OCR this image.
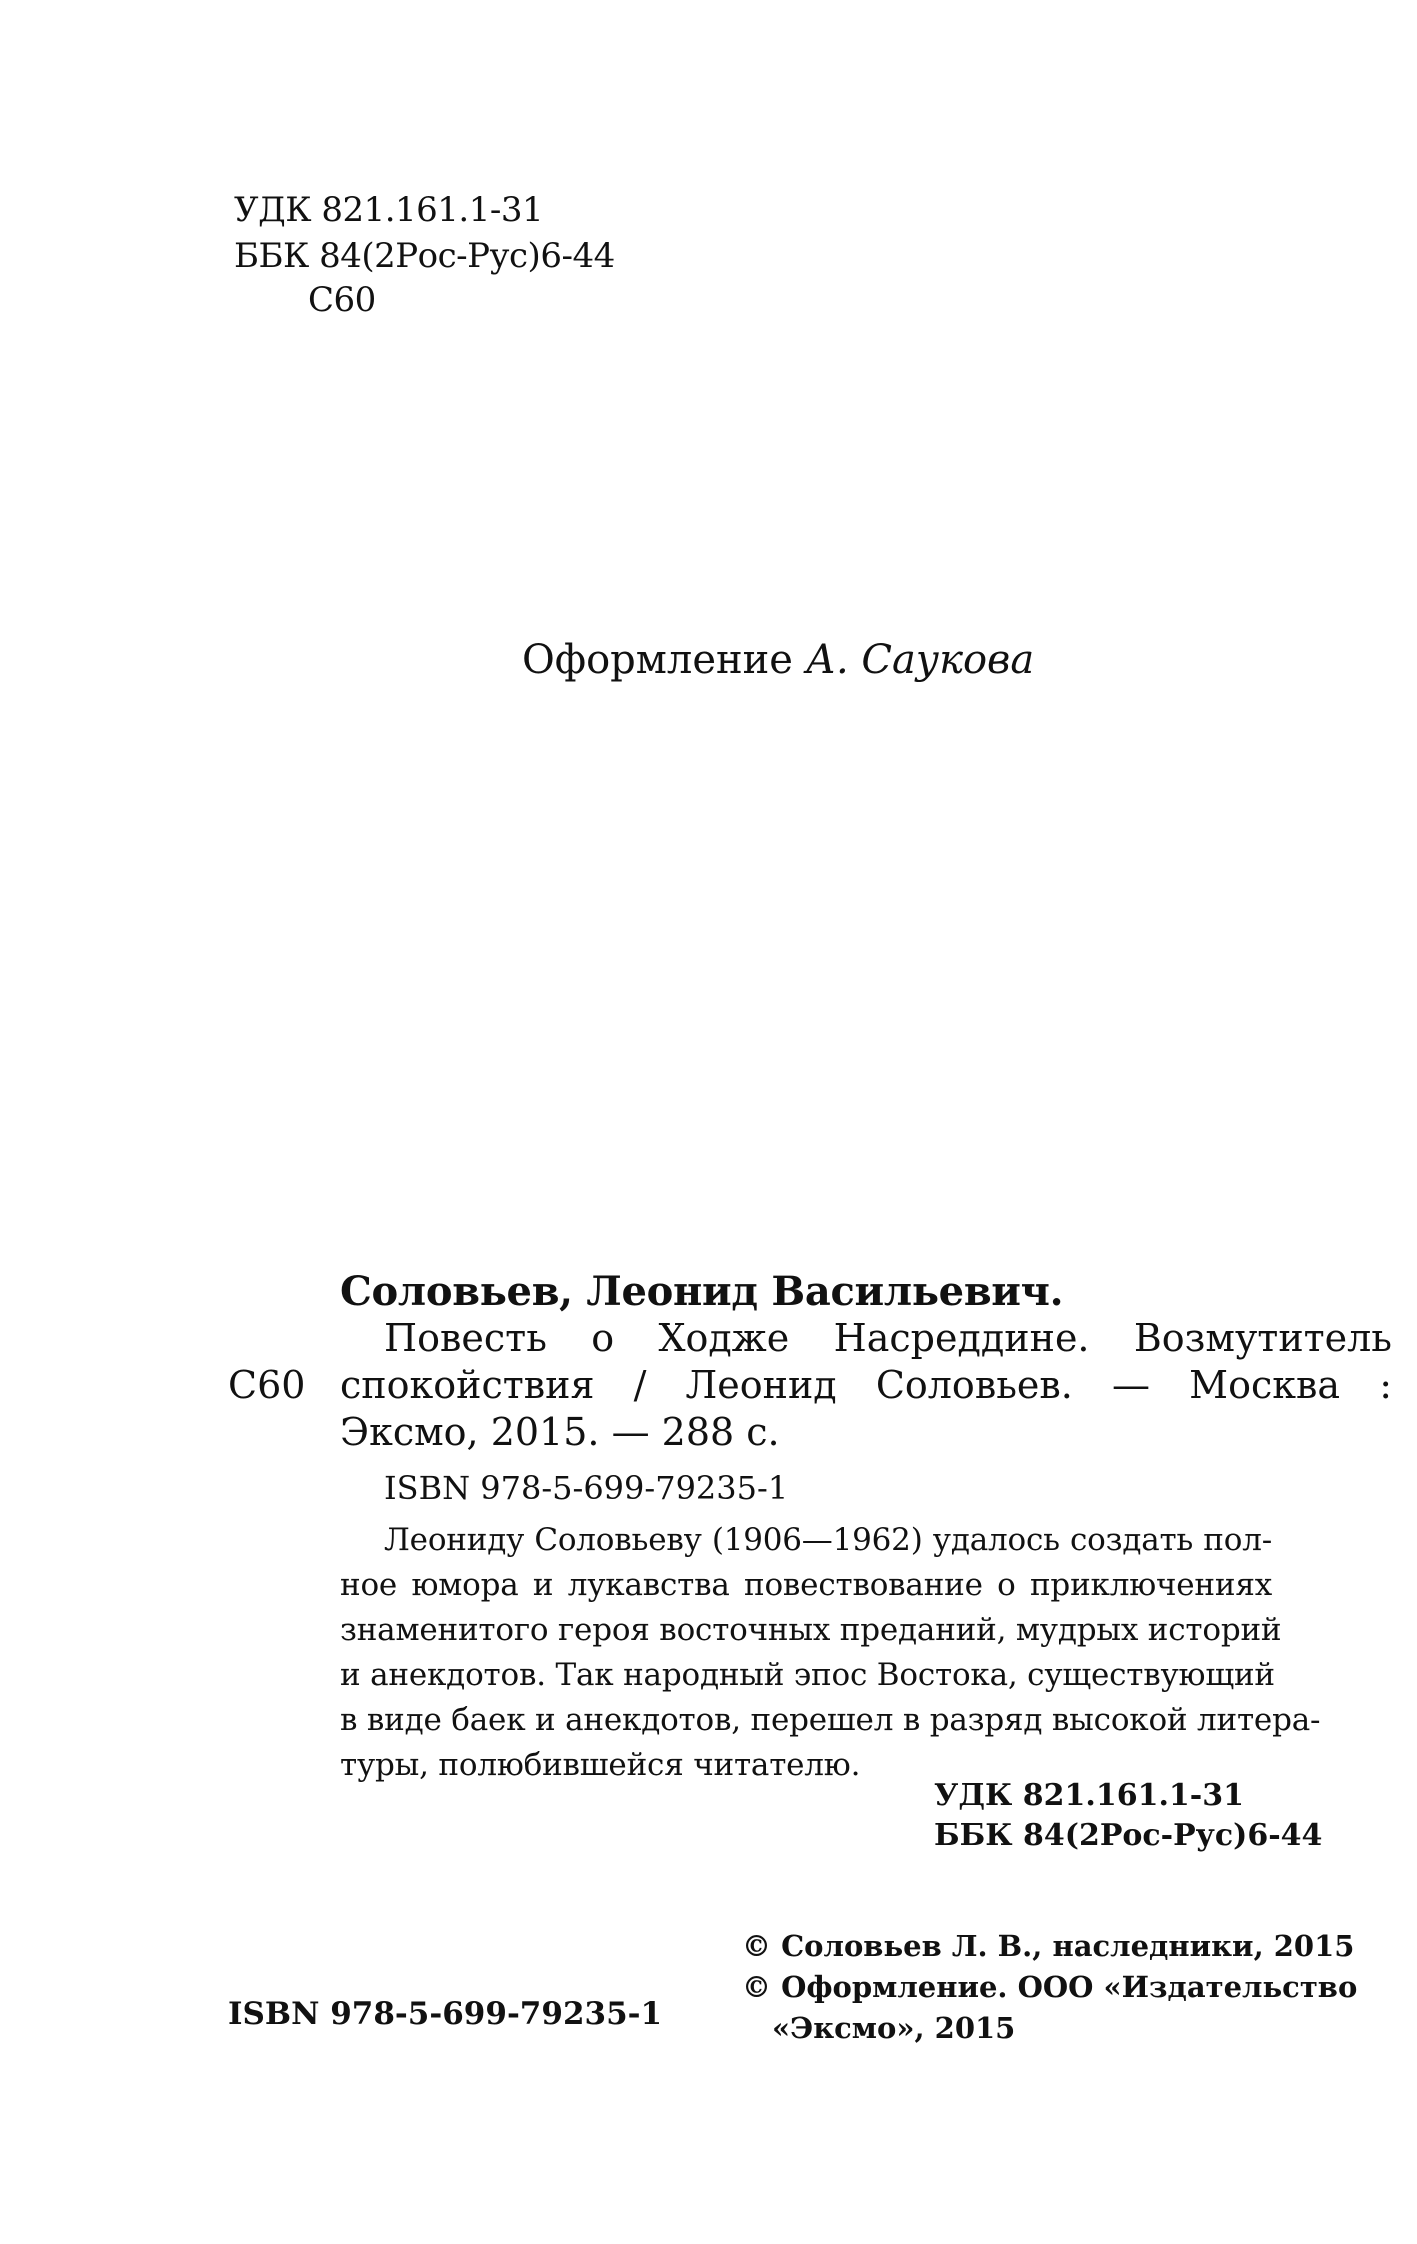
УДК 821.161.1-31
ББК 84(2Рос-Рус)6-44
С60
Оформление А. Саукова
Соловьев, Леонид Васильевич.
Повесть о Ходже Насреддине. Возмутитель
С60 спокойствия / Леонид Соловьев. — Москва :
Эксмо, 2015. — 288 с.
ISBN 978-5-699-79235-1
Леониду Соловьеву (1906—1962) удалось создать пол-
ное юмора и лукавства повествование о приключениях
знаменитого героя восточных преданий, мудрых историй
и анекдотов. Так народный эпос Востока, существующий
в виде баек и анекдотов, перешел в разряд высокой литера-
туры, полюбившейся читателю.
УДК 821.161.1-31
ББК 84(2Рос-Рус)6-44
© Соловьев Л. В., наследники, 2015
© Оформление. ООО «Издательство
ISBN 978-5-699-79235-1	«Эксмо», 2015
